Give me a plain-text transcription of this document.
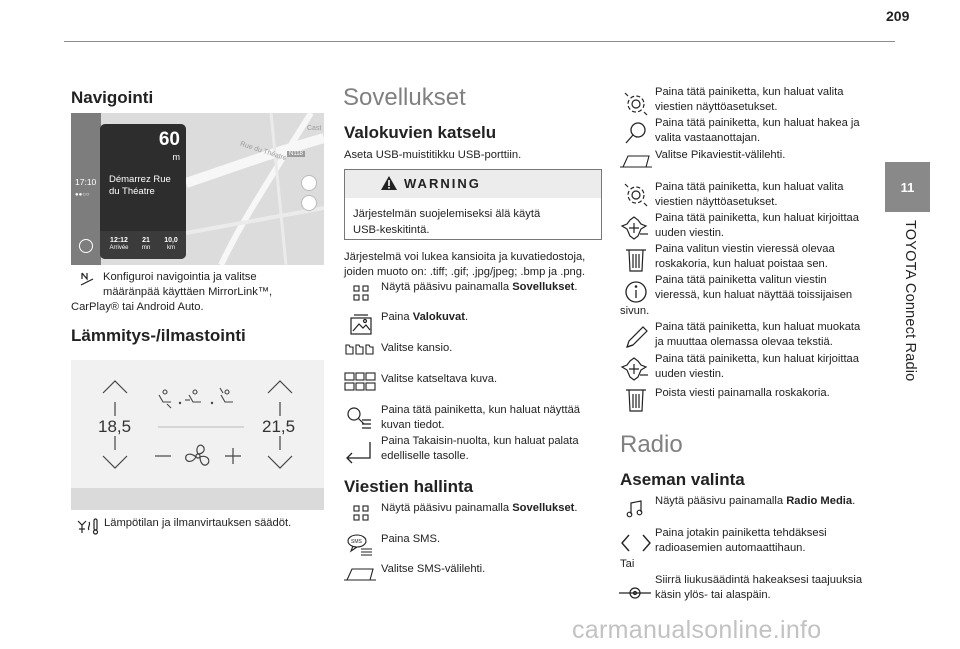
209
11
TOYOTA Connect Radio
Navigointi
17:10
●●○○
60
m
Démarrez Rue
du Théatre
12:12
Arrivée
21
mn
10,0
km
Rue du Théatre N118
Cast
Konfiguroi navigointia ja valitse
määränpää käyttäen MirrorLink™,
CarPlay® tai Android Auto.
Lämmitys-/ilmastointi
18,5	21,5
Lämpötilan ja ilmanvirtauksen säädöt.
Sovellukset
Valokuvien katselu
Aseta USB-muistitikku USB-porttiin.
WARNING
Järjestelmän suojelemiseksi älä käytä
USB-keskitintä.
Järjestelmä voi lukea kansioita ja kuvatiedostoja,
joiden muoto on: .tiff; .gif; .jpg/jpeg; .bmp ja .png.
Näytä pääsivu painamalla Sovellukset.
Paina Valokuvat.
Valitse kansio.
Valitse katseltava kuva.
Paina tätä painiketta, kun haluat näyttää
kuvan tiedot.
Paina Takaisin-nuolta, kun haluat palata
edelliselle tasolle.
Viestien hallinta
Näytä pääsivu painamalla Sovellukset.
SMS Paina SMS.
Valitse SMS-välilehti.
Paina tätä painiketta, kun haluat valita
viestien näyttöasetukset.
Paina tätä painiketta, kun haluat hakea ja
valita vastaanottajan.
Valitse Pikaviestit-välilehti.
Paina tätä painiketta, kun haluat valita
viestien näyttöasetukset.
Paina tätä painiketta, kun haluat kirjoittaa
uuden viestin.
Paina valitun viestin vieressä olevaa
roskakoria, kun haluat poistaa sen.
Paina tätä painiketta valitun viestin
vieressä, kun haluat näyttää toissijaisen
sivun.
Paina tätä painiketta, kun haluat muokata
ja muuttaa olemassa olevaa tekstiä.
Paina tätä painiketta, kun haluat kirjoittaa
uuden viestin.
Poista viesti painamalla roskakoria.
Radio
Aseman valinta
Näytä pääsivu painamalla Radio Media.
Paina jotakin painiketta tehdäksesi
radioasemien automaattihaun.
Tai
Siirrä liukusäädintä hakeaksesi taajuuksia
käsin ylös- tai alaspäin.
carmanualsonline.info
